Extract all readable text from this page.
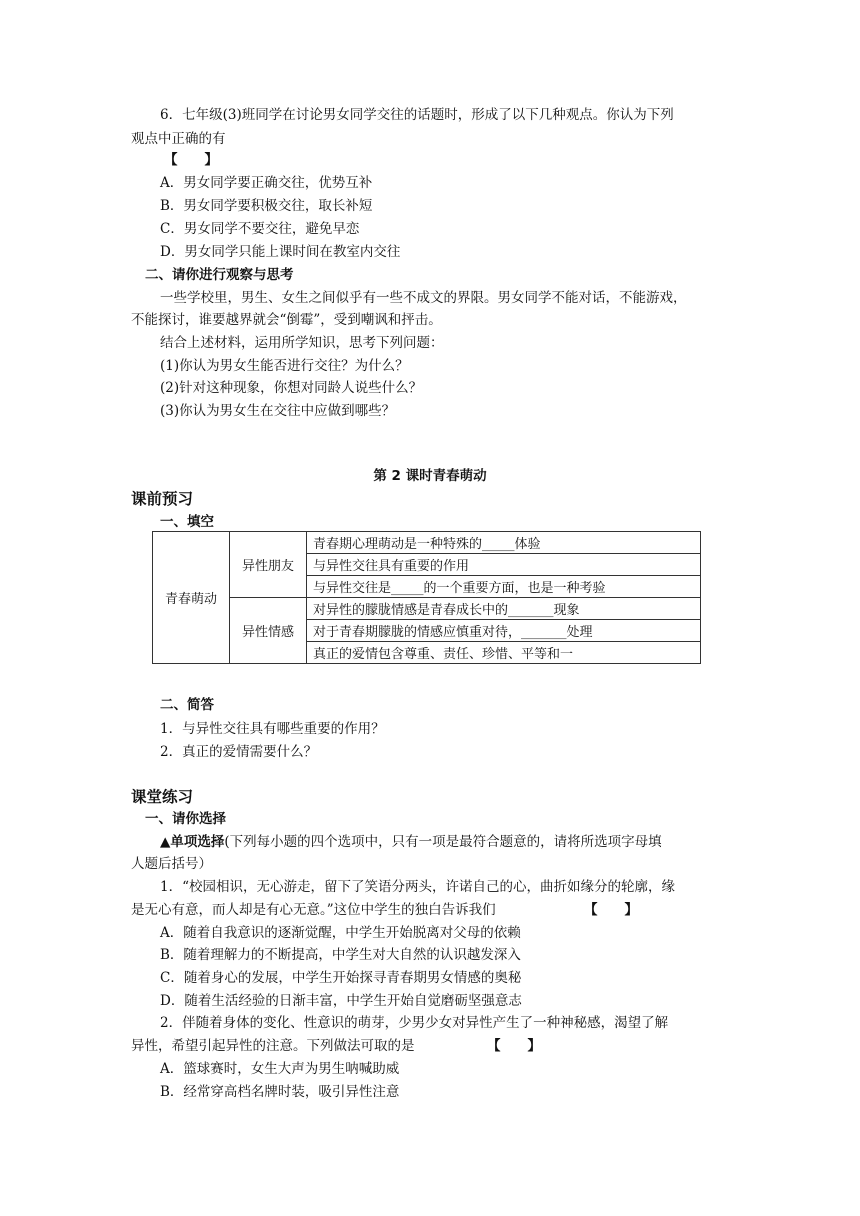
6．七年级(3)班同学在讨论男女同学交往的话题时，形成了以下几种观点。你认为下列
观点中正确的有
【　　】
A．男女同学要正确交往，优势互补
B．男女同学要积极交往，取长补短
C．男女同学不要交往，避免早恋
D．男女同学只能上课时间在教室内交往
二、请你进行观察与思考
一些学校里，男生、女生之间似乎有一些不成文的界限。男女同学不能对话，不能游戏，
不能探讨，谁要越界就会“倒霉”，受到嘲讽和抨击。
结合上述材料，运用所学知识，思考下列问题：
(1)你认为男女生能否进行交往？为什么？
(2)针对这种现象，你想对同龄人说些什么？
(3)你认为男女生在交往中应做到哪些？
第 2 课时青春萌动
课前预习
一、填空
青春萌动	异性朋友	青春期心理萌动是一种特殊的_____体验
		与异性交往具有重要的作用
		与异性交往是_____的一个重要方面，也是一种考验
	异性情感	对异性的朦胧情感是青春成长中的_______现象
		对于青春期朦胧的情感应慎重对待，_______处理
		真正的爱情包含尊重、责任、珍惜、平等和一
二、简答
1．与异性交往具有哪些重要的作用？
2．真正的爱情需要什么？
课堂练习
一、请你选择
▲单项选择(下列每小题的四个选项中，只有一项是最符合题意的，请将所选项字母填
人题后括号）
1．“校园相识，无心游走，留下了笑语分两头，许诺自己的心，曲折如缘分的轮廓，缘
是无心有意，而人却是有心无意。”这位中学生的独白告诉我们	【　　】
A．随着自我意识的逐渐觉醒，中学生开始脱离对父母的依赖
B．随着理解力的不断提高，中学生对大自然的认识越发深入
C．随着身心的发展，中学生开始探寻青春期男女情感的奥秘
D．随着生活经验的日渐丰富，中学生开始自觉磨砺坚强意志
2．伴随着身体的变化、性意识的萌芽，少男少女对异性产生了一种神秘感，渴望了解
异性，希望引起异性的注意。下列做法可取的是	【　　】
A．篮球赛时，女生大声为男生呐喊助威
B．经常穿高档名牌时装，吸引异性注意
